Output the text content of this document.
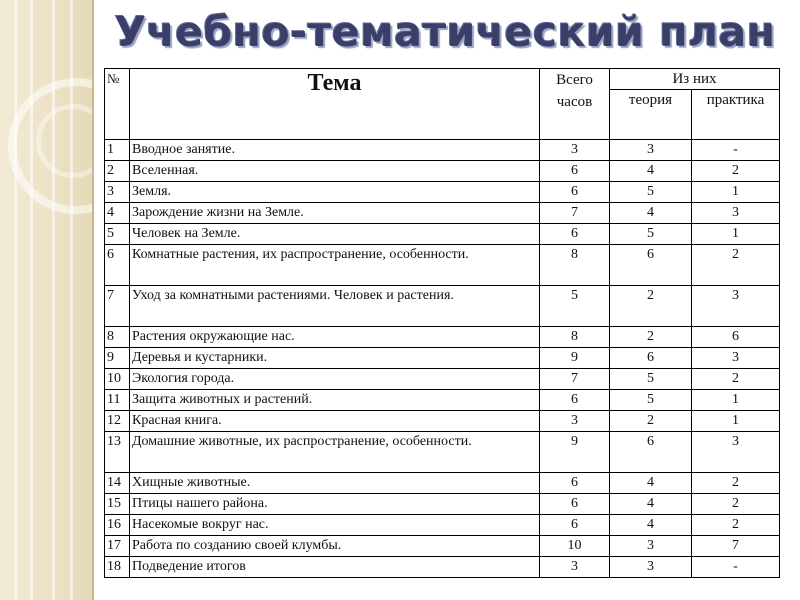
Учебно-тематический план
№	Тема	Всего часов	Из них	
			теория	практика
1	Вводное занятие.	3	3	-
2	Вселенная.	6	4	2
3	Земля.	6	5	1
4	Зарождение жизни на Земле.	7	4	3
5	Человек на Земле.	6	5	1
6	Комнатные растения, их распространение, особенности.	8	6	2
7	Уход за комнатными растениями. Человек и растения.	5	2	3
8	Растения окружающие нас.	8	2	6
9	Деревья и кустарники.	9	6	3
10	Экология города.	7	5	2
11	Защита животных и растений.	6	5	1
12	Красная книга.	3	2	1
13	Домашние животные, их распространение, особенности.	9	6	3
14	Хищные животные.	6	4	2
15	Птицы нашего района.	6	4	2
16	Насекомые вокруг нас.	6	4	2
17	Работа по созданию своей клумбы.	10	3	7
18	Подведение итогов	3	3	-
